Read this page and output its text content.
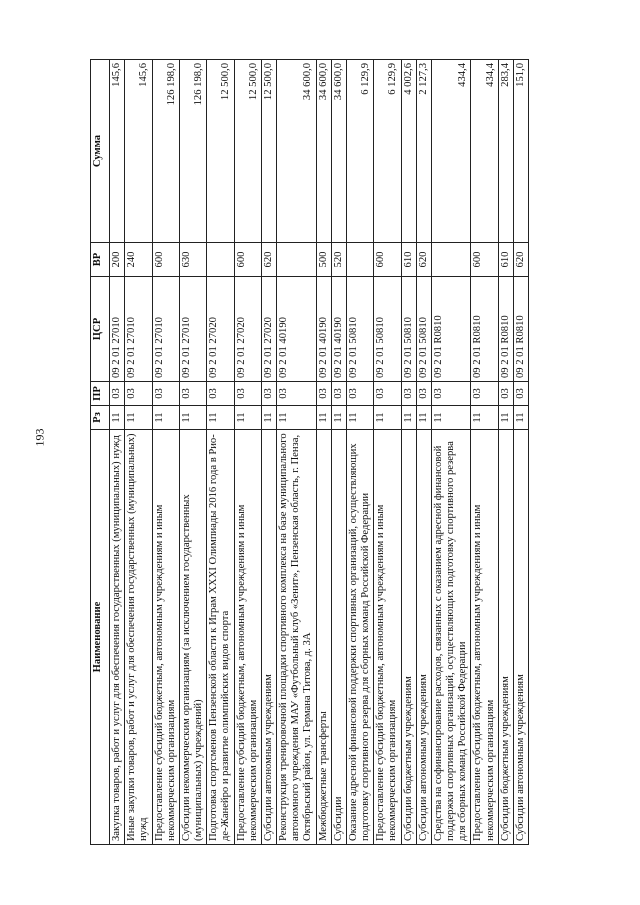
193
Наименование	Рз	ПР	ЦСР	ВР	Сумма
Закупка товаров, работ и услуг для обеспечения государственных (муниципальных) нужд	11	03	09 2 01 27010	200	145,6
Иные закупки товаров, работ и услуг для обеспечения государственных (муниципальных) нужд	11	03	09 2 01 27010	240	145,6
Предоставление субсидий бюджетным, автономным учреждениям и иным некоммерческим организациям	11	03	09 2 01 27010	600	126 198,0
Субсидии некоммерческим организациям (за исключением государственных (муниципальных) учреждений)	11	03	09 2 01 27010	630	126 198,0
Подготовка спортсменов Пензенской области к Играм XXXI Олимпиады 2016 года в Рио-де-Жанейро и развитие олимпийских видов спорта	11	03	09 2 01 27020		12 500,0
Предоставление субсидий бюджетным, автономным учреждениям и иным некоммерческим организациям	11	03	09 2 01 27020	600	12 500,0
Субсидии автономным учреждениям	11	03	09 2 01 27020	620	12 500,0
Реконструкция тренировочной площадки спортивного комплекса на базе муниципального автономного учреждения МАУ «Футбольный клуб «Зенит», Пензенская область, г. Пенза, Октябрьский район, ул. Германа Титова, д. 3А	11	03	09 2 01 40190		34 600,0
Межбюджетные трансферты	11	03	09 2 01 40190	500	34 600,0
Субсидии	11	03	09 2 01 40190	520	34 600,0
Оказание адресной финансовой поддержки спортивных организаций, осуществляющих подготовку спортивного резерва для сборных команд Российской Федерации	11	03	09 2 01 50810		6 129,9
Предоставление субсидий бюджетным, автономным учреждениям и иным некоммерческим организациям	11	03	09 2 01 50810	600	6 129,9
Субсидии бюджетным учреждениям	11	03	09 2 01 50810	610	4 002,6
Субсидии автономным учреждениям	11	03	09 2 01 50810	620	2 127,3
Средства на софинансирование расходов, связанных с оказанием адресной финансовой поддержки спортивных организаций, осуществляющих подготовку спортивного резерва для сборных команд Российской Федерации	11	03	09 2 01 R0810		434,4
Предоставление субсидий бюджетным, автономным учреждениям и иным некоммерческим организациям	11	03	09 2 01 R0810	600	434,4
Субсидии бюджетным учреждениям	11	03	09 2 01 R0810	610	283,4
Субсидии автономным учреждениям	11	03	09 2 01 R0810	620	151,0
